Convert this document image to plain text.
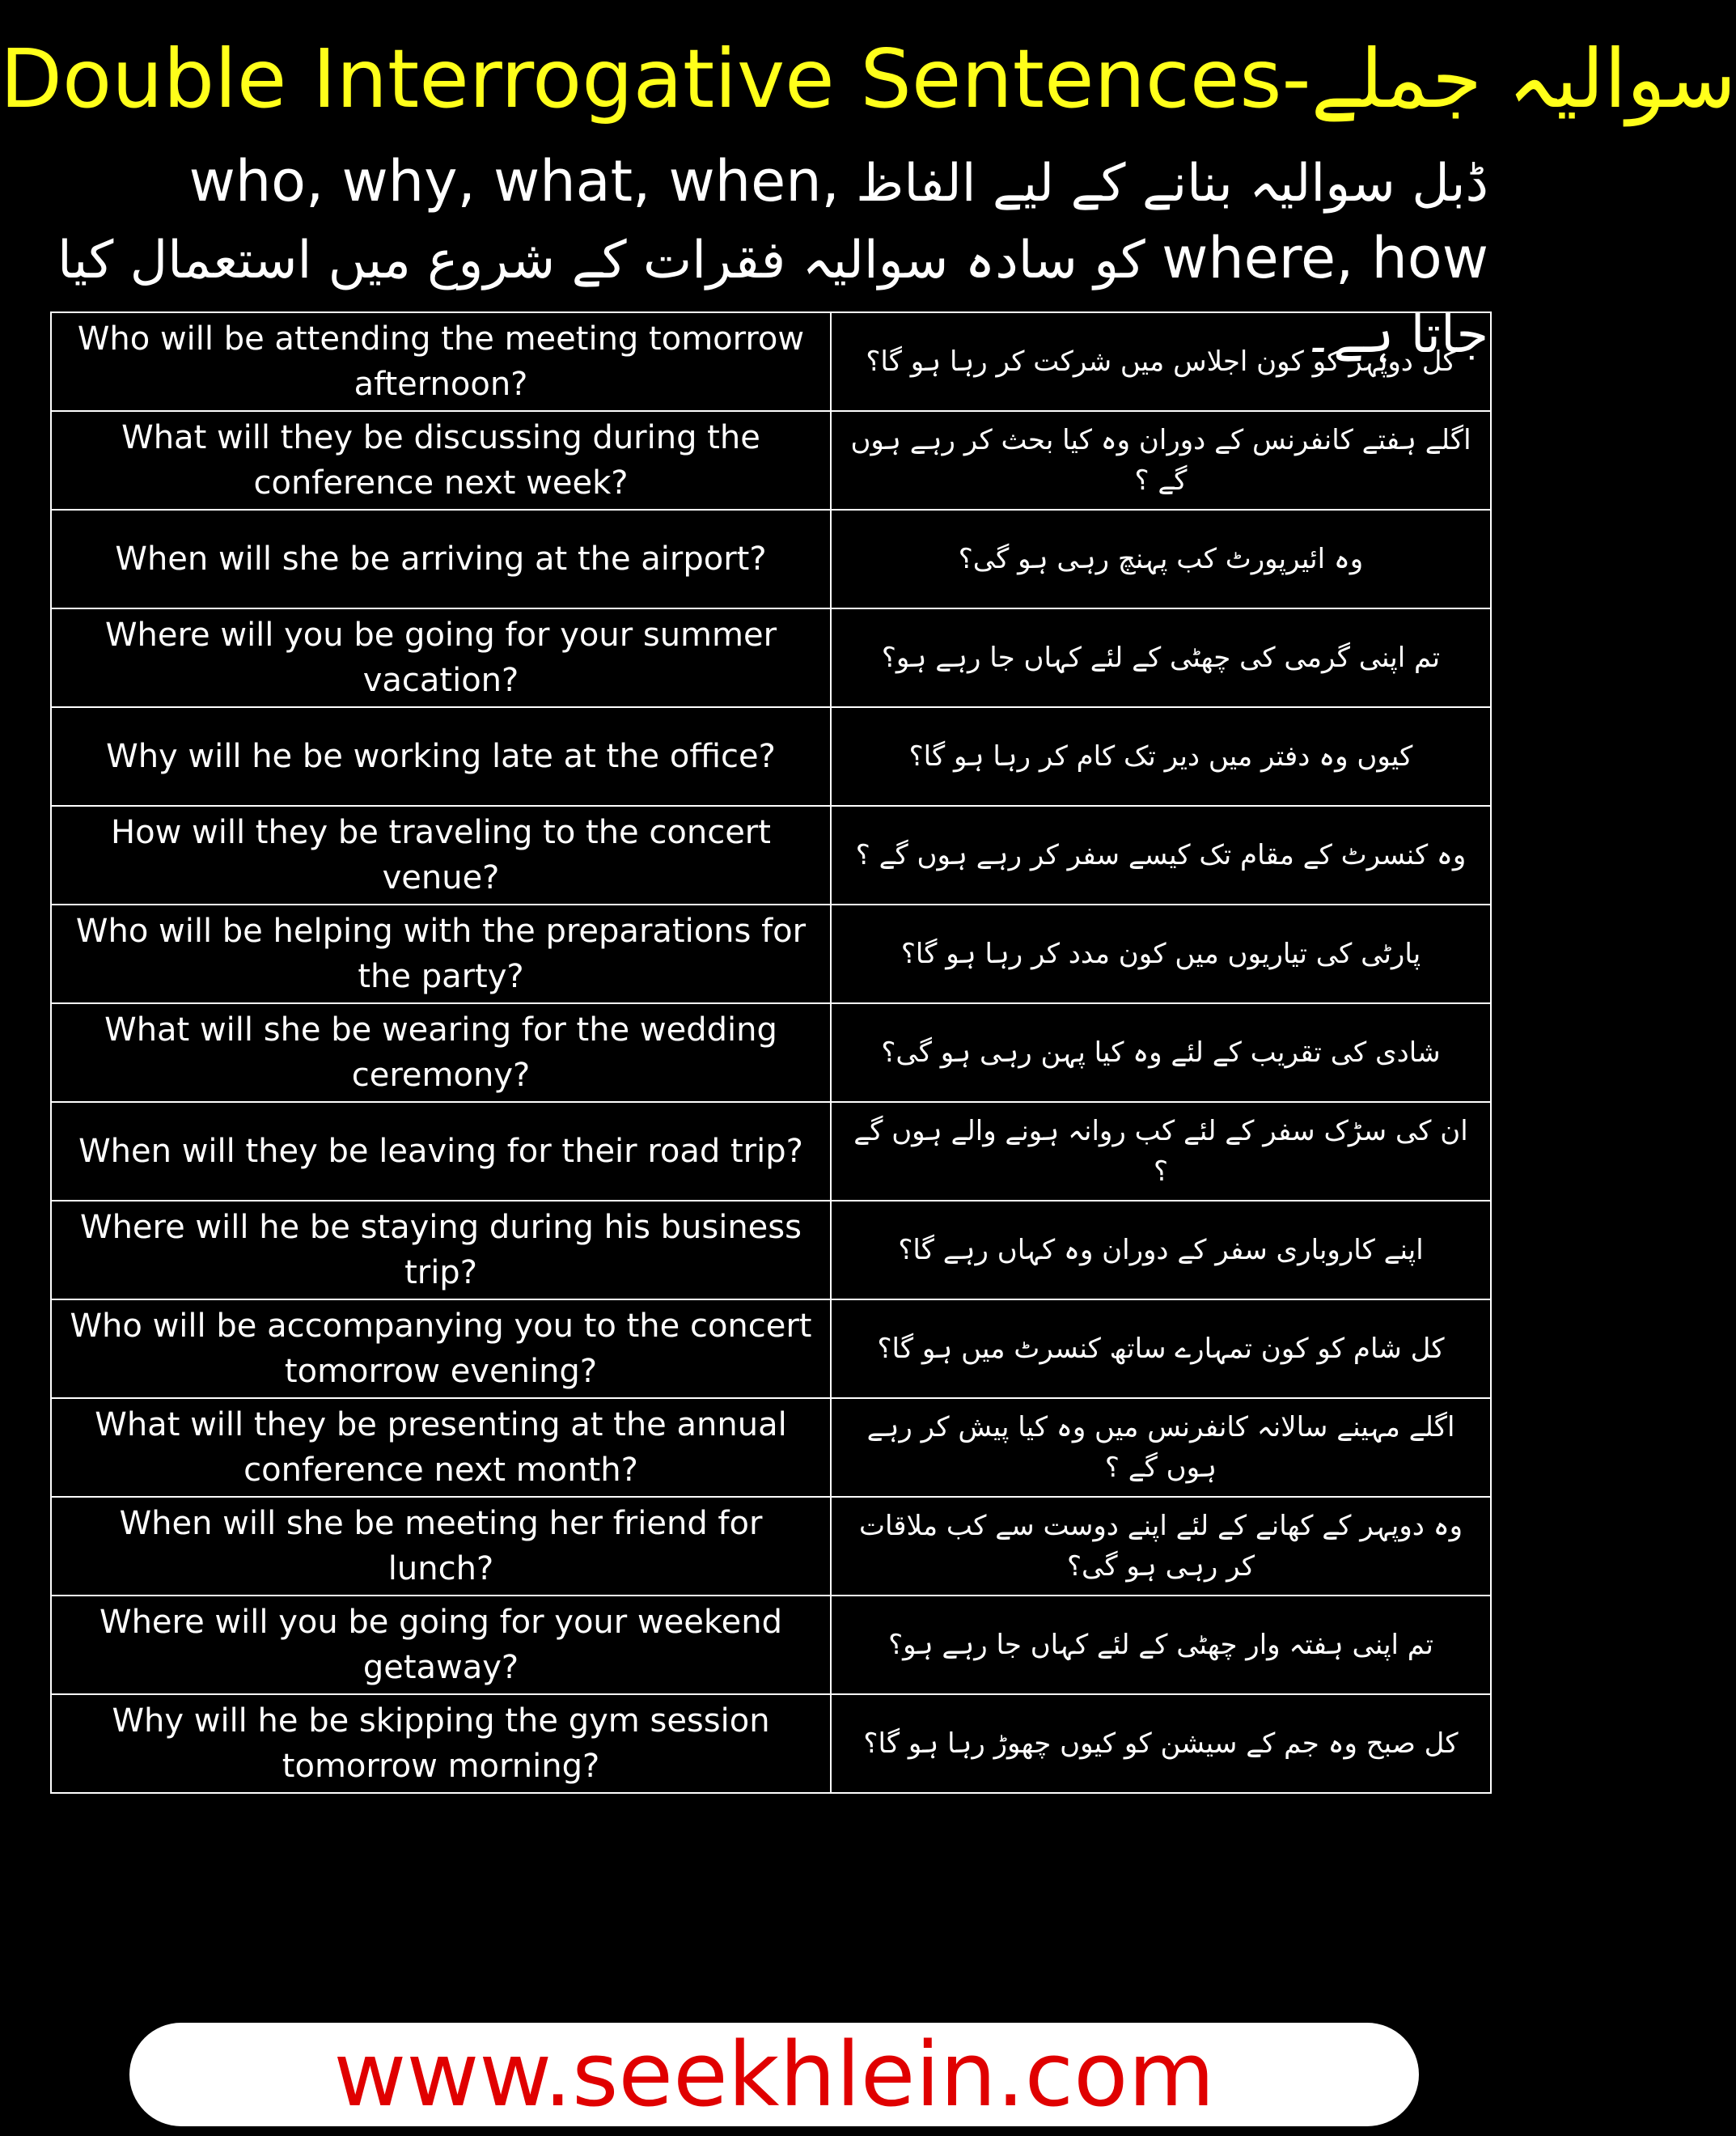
Double Interrogative Sentences-سوالیہ جملے
ڈبل سوالیہ بنانے کے لیے الفاظ who, why, what, when, where, how کو سادہ سوالیہ فقرات کے شروع میں استعمال کیا جاتا ہے۔
Who will be attending the meeting tomorrow afternoon?	کل دوپہر کو کون اجلاس میں شرکت کر رہا ہو گا؟
What will they be discussing during the conference next week?	اگلے ہفتے کانفرنس کے دوران وہ کیا بحث کر رہے ہوں گے ؟
When will she be arriving at the airport?	وہ ائیرپورٹ کب پہنچ رہی ہو گی؟
Where will you be going for your summer vacation?	تم اپنی گرمی کی چھٹی کے لئے کہاں جا رہے ہو؟
Why will he be working late at the office?	کیوں وہ دفتر میں دیر تک کام کر رہا ہو گا؟
How will they be traveling to the concert venue?	وہ کنسرٹ کے مقام تک کیسے سفر کر رہے ہوں گے ؟
Who will be helping with the preparations for the party?	پارٹی کی تیاریوں میں کون مدد کر رہا ہو گا؟
What will she be wearing for the wedding ceremony?	شادی کی تقریب کے لئے وہ کیا پہن رہی ہو گی؟
When will they be leaving for their road trip?	ان کی سڑک سفر کے لئے کب روانہ ہونے والے ہوں گے ؟
Where will he be staying during his business trip?	اپنے کاروباری سفر کے دوران وہ کہاں رہے گا؟
Who will be accompanying you to the concert tomorrow evening?	کل شام کو کون تمہارے ساتھ کنسرٹ میں ہو گا؟
What will they be presenting at the annual conference next month?	اگلے مہینے سالانہ کانفرنس میں وہ کیا پیش کر رہے ہوں گے ؟
When will she be meeting her friend for lunch?	وہ دوپہر کے کھانے کے لئے اپنے دوست سے کب ملاقات کر رہی ہو گی؟
Where will you be going for your weekend getaway?	تم اپنی ہفتہ وار چھٹی کے لئے کہاں جا رہے ہو؟
Why will he be skipping the gym session tomorrow morning?	کل صبح وہ جم کے سیشن کو کیوں چھوڑ رہا ہو گا؟
www.seekhlein.com
